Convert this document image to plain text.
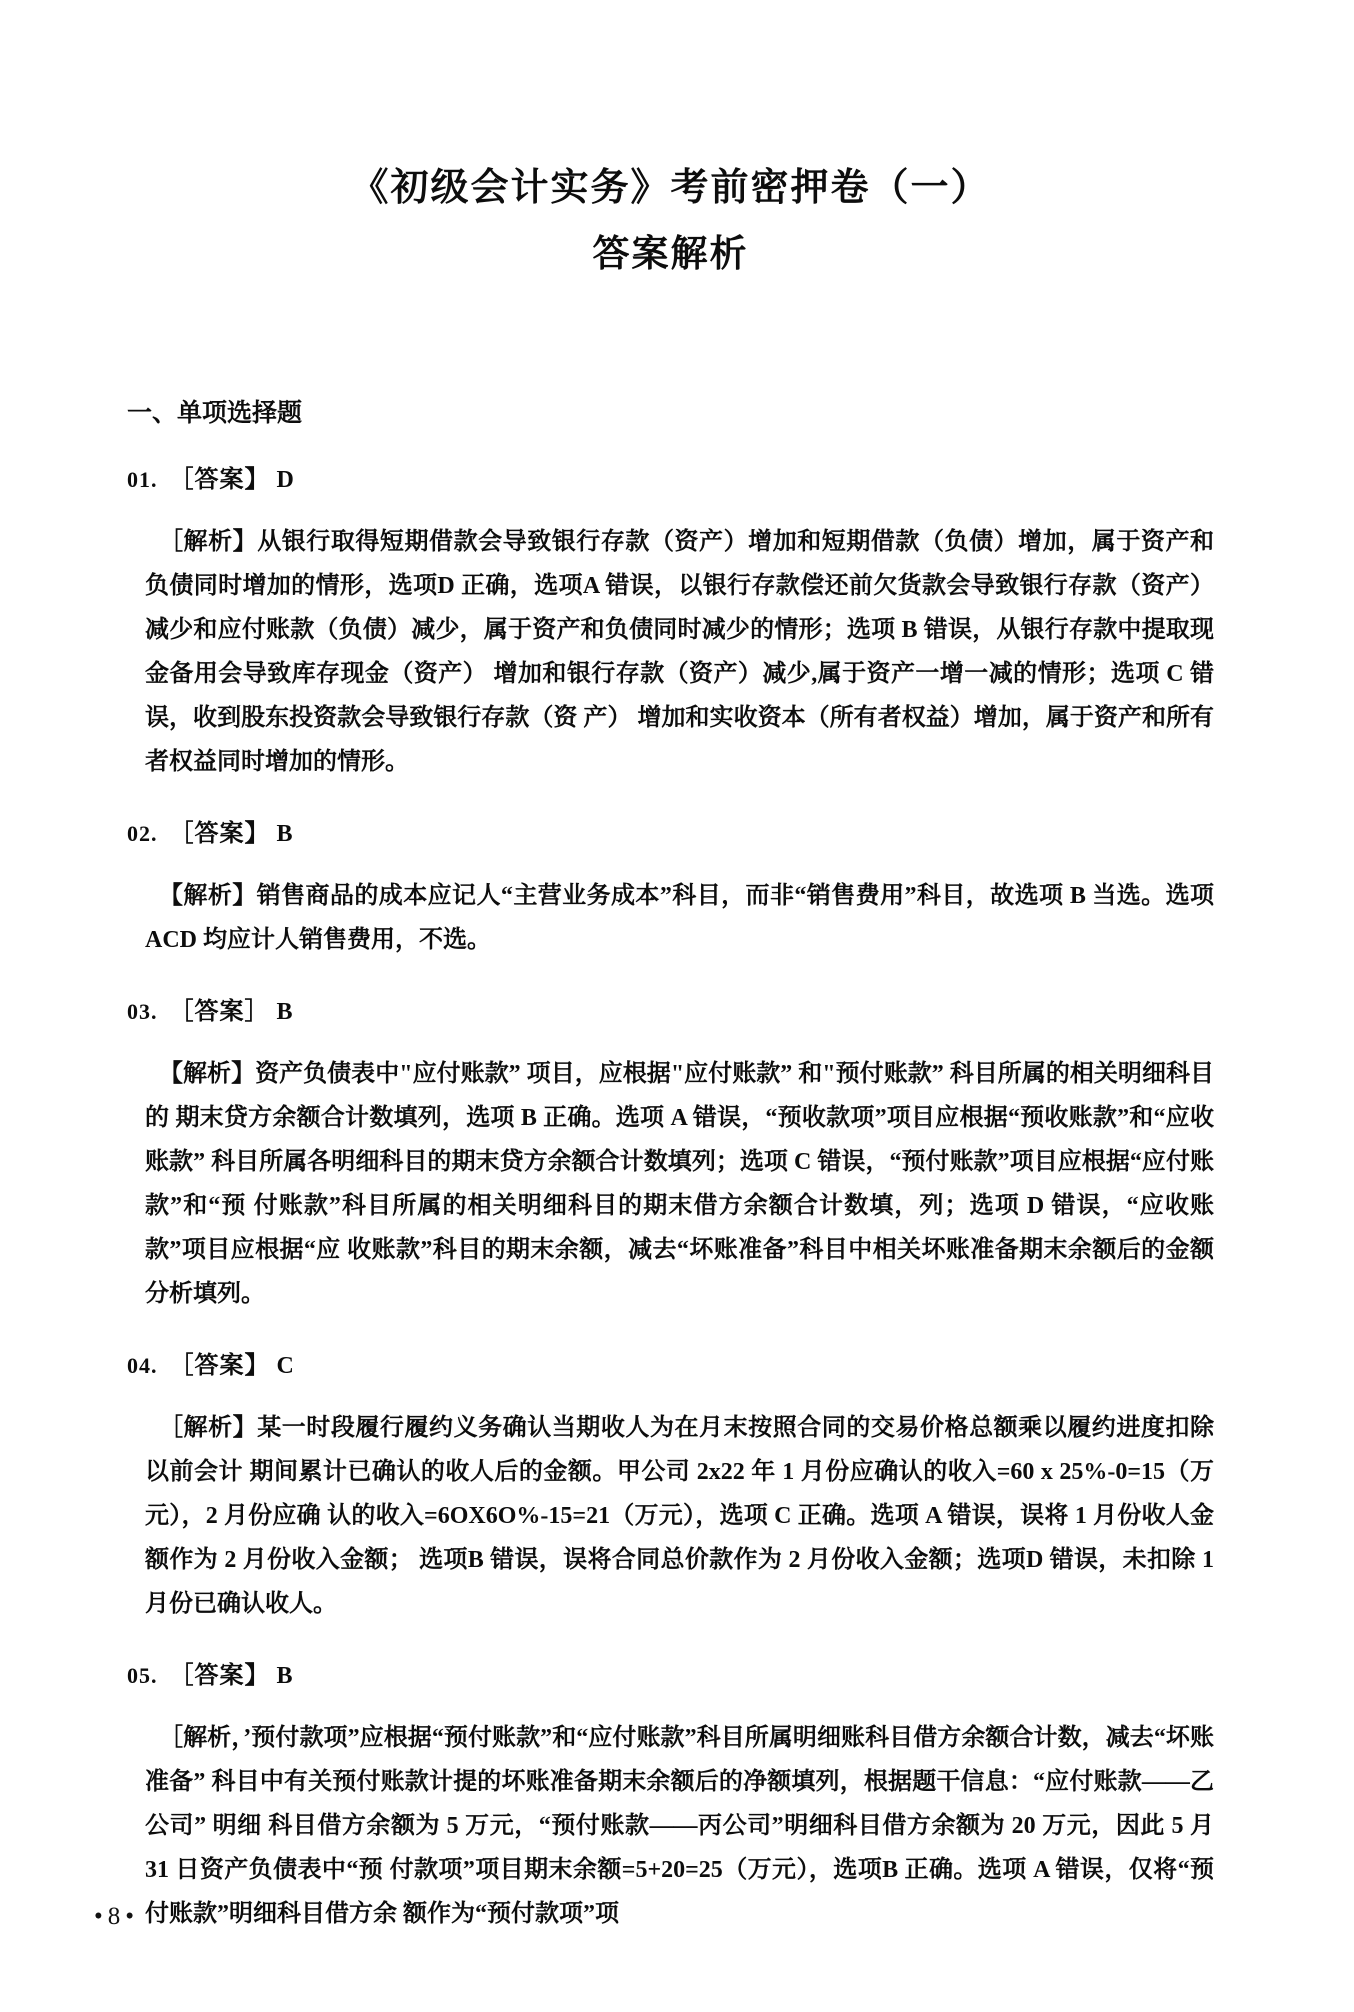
《初级会计实务》考前密押卷（一）
答案解析
一、单项选择题
01. ［答案】 D

［解析】从银行取得短期借款会导致银行存款（资产）增加和短期借款（负债）增加，属于资产和负债同时增加的情形，选项D 正确，选项A 错误，以银行存款偿还前欠货款会导致银行存款（资产）减少和应付账款（负债）减少，属于资产和负债同时减少的情形；选项 B 错误，从银行存款中提取现金备用会导致库存现金（资产） 增加和银行存款（资产）减少,属于资产一增一减的情形；选项 C 错误，收到股东投资款会导致银行存款（资 产） 增加和实收资本（所有者权益）增加，属于资产和所有者权益同时增加的情形。

02. ［答案】 B

【解析】销售商品的成本应记人“主营业务成本”科目，而非“销售费用”科目，故选项 B 当选。选项 ACD 均应计人销售费用，不选。

03. ［答案］ B

【解析】资产负债表中"应付账款” 项目，应根据"应付账款” 和"预付账款” 科目所属的相关明细科目的 期末贷方余额合计数填列，选项 B 正确。选项 A 错误，“预收款项”项目应根据“预收账款”和“应收账款” 科目所属各明细科目的期末贷方余额合计数填列；选项 C 错误，“预付账款”项目应根据“应付账款”和“预 付账款”科目所属的相关明细科目的期末借方余额合计数填，列；选项 D 错误，“应收账款”项目应根据“应 收账款”科目的期末余额，减去“坏账准备”科目中相关坏账准备期末余额后的金额分析填列。

04. ［答案】 C

［解析】某一时段履行履约义务确认当期收人为在月末按照合同的交易价格总额乘以履约进度扣除以前会计 期间累计已确认的收人后的金额。甲公司 2x22 年 1 月份应确认的收入=60 x 25%-0=15（万元），2 月份应确 认的收入=6OX6O%-15=21（万元），选项 C 正确。选项 A 错误，误将 1 月份收人金额作为 2 月份收入金额； 选项B 错误，误将合同总价款作为 2 月份收入金额；选项D 错误，未扣除 1 月份已确认收人。

05. ［答案】 B

［解析，’预付款项”应根据“预付账款”和“应付账款”科目所属明细账科目借方余额合计数，减去“坏账准备” 科目中有关预付账款计提的坏账准备期末余额后的净额填列，根据题干信息：“应付账款——乙公司” 明细 科目借方余额为 5 万元，“预付账款——丙公司”明细科目借方余额为 20 万元，因此 5 月 31 日资产负债表中“预 付款项”项目期末余额=5+20=25（万元），选项B 正确。选项 A 错误，仅将“预付账款”明细科目借方余 额作为“预付款项”项

•8•
